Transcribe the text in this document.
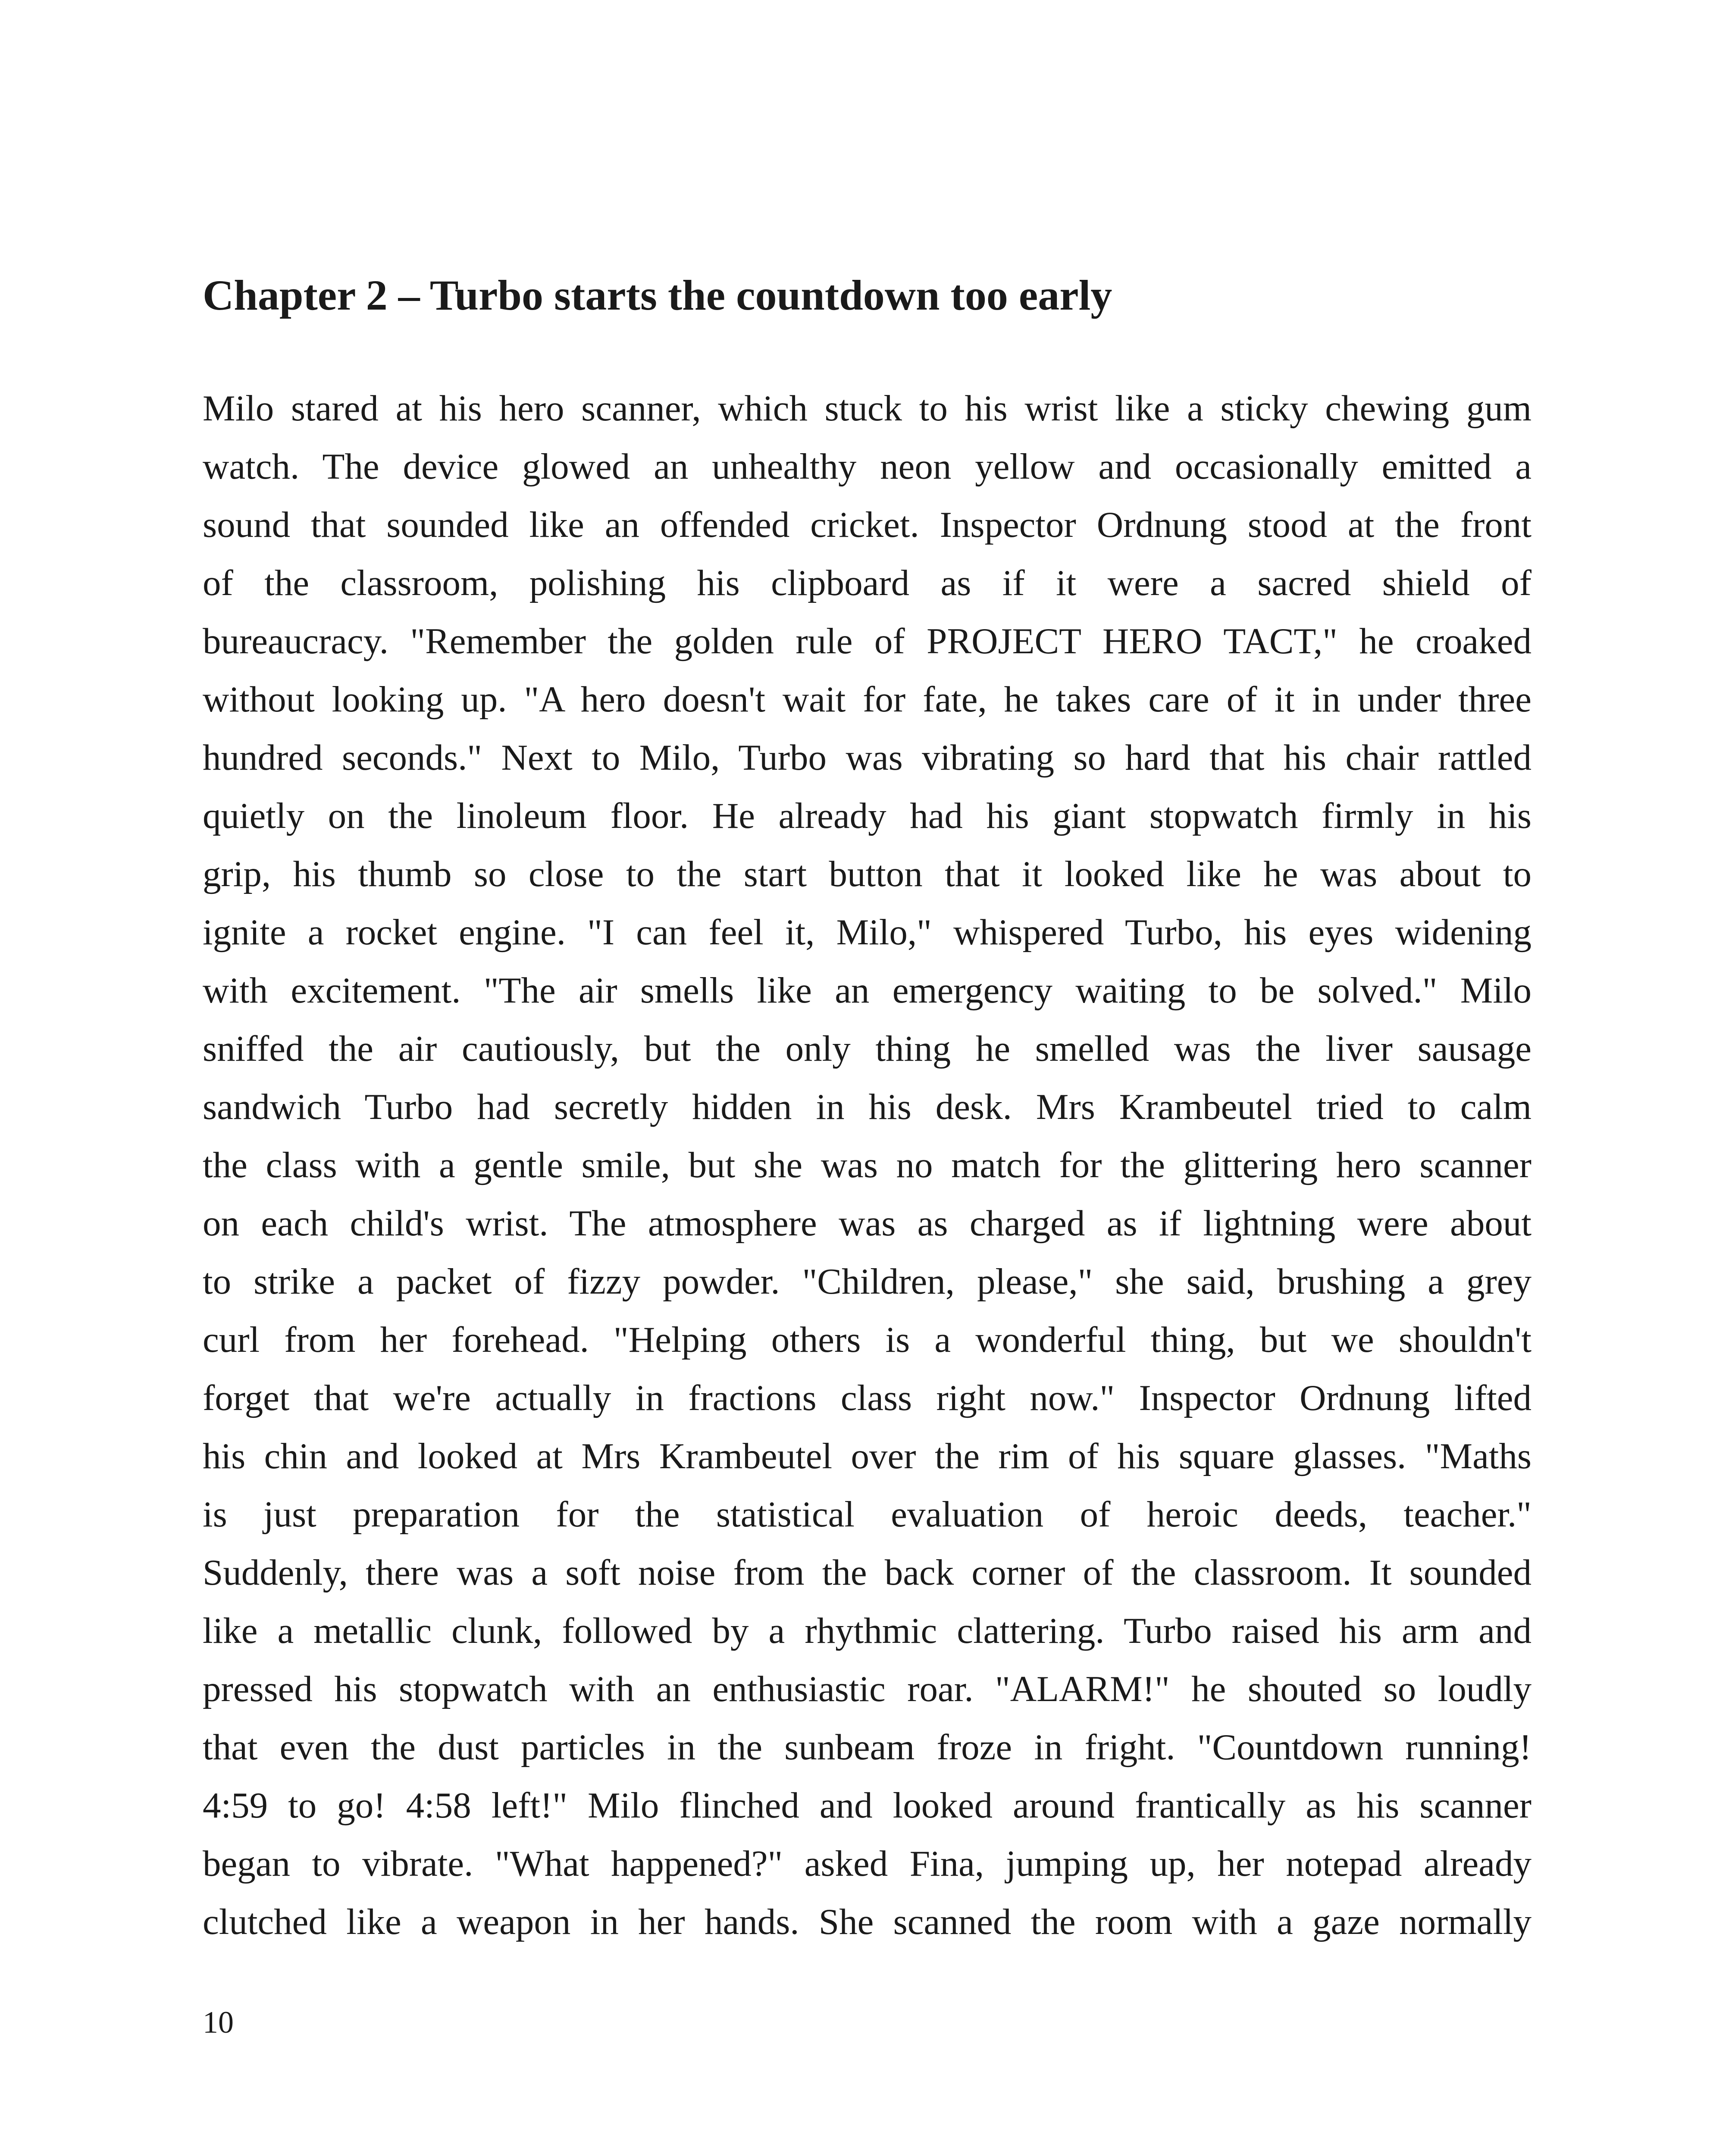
Chapter 2 – Turbo starts the countdown too early
Milo stared at his hero scanner, which stuck to his wrist like a sticky chewing gum
watch. The device glowed an unhealthy neon yellow and occasionally emitted a
sound that sounded like an offended cricket. Inspector Ordnung stood at the front
of the classroom, polishing his clipboard as if it were a sacred shield of
bureaucracy. "Remember the golden rule of PROJECT HERO TACT," he croaked
without looking up. "A hero doesn't wait for fate, he takes care of it in under three
hundred seconds." Next to Milo, Turbo was vibrating so hard that his chair rattled
quietly on the linoleum floor. He already had his giant stopwatch firmly in his
grip, his thumb so close to the start button that it looked like he was about to
ignite a rocket engine. "I can feel it, Milo," whispered Turbo, his eyes widening
with excitement. "The air smells like an emergency waiting to be solved." Milo
sniffed the air cautiously, but the only thing he smelled was the liver sausage
sandwich Turbo had secretly hidden in his desk. Mrs Krambeutel tried to calm
the class with a gentle smile, but she was no match for the glittering hero scanner
on each child's wrist. The atmosphere was as charged as if lightning were about
to strike a packet of fizzy powder. "Children, please," she said, brushing a grey
curl from her forehead. "Helping others is a wonderful thing, but we shouldn't
forget that we're actually in fractions class right now." Inspector Ordnung lifted
his chin and looked at Mrs Krambeutel over the rim of his square glasses. "Maths
is just preparation for the statistical evaluation of heroic deeds, teacher."
Suddenly, there was a soft noise from the back corner of the classroom. It sounded
like a metallic clunk, followed by a rhythmic clattering. Turbo raised his arm and
pressed his stopwatch with an enthusiastic roar. "ALARM!" he shouted so loudly
that even the dust particles in the sunbeam froze in fright. "Countdown running!
4:59 to go! 4:58 left!" Milo flinched and looked around frantically as his scanner
began to vibrate. "What happened?" asked Fina, jumping up, her notepad already
clutched like a weapon in her hands. She scanned the room with a gaze normally

10
